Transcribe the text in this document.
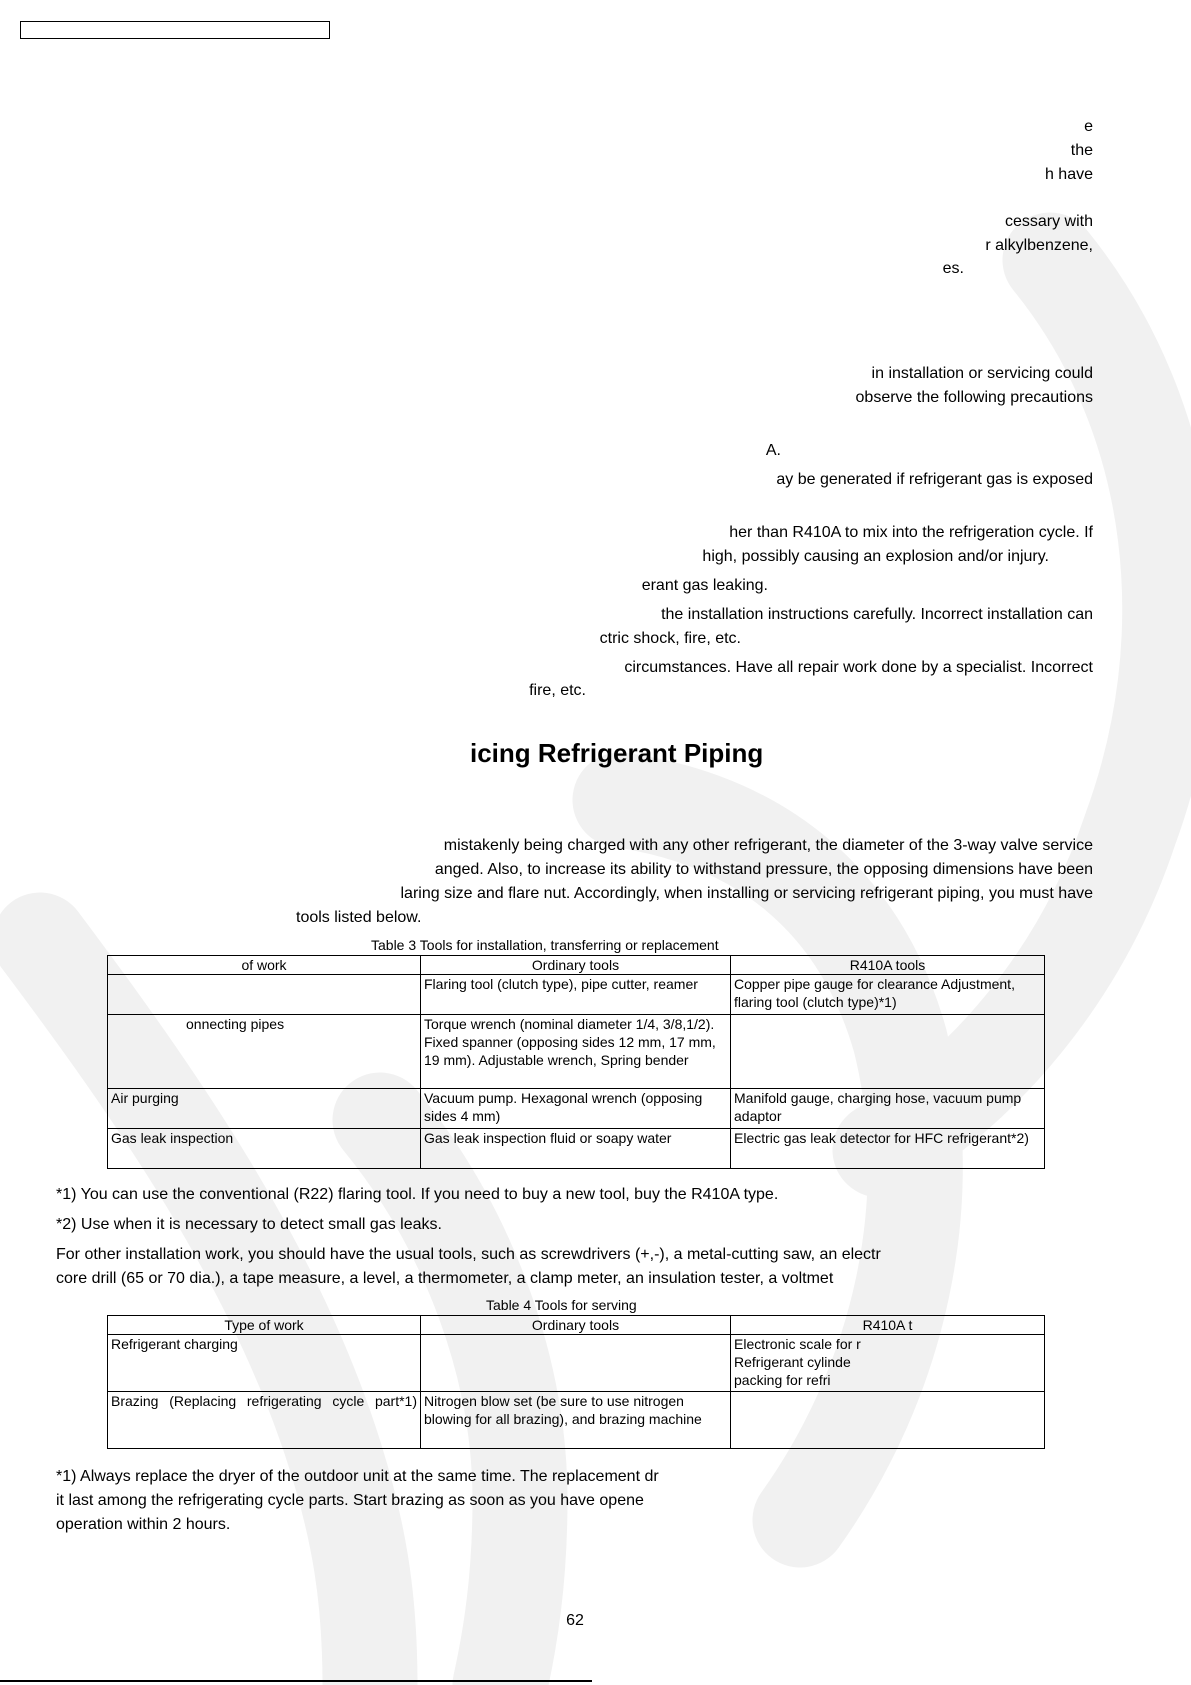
e
the
h have
cessary with
r alkylbenzene,
es.
in installation or servicing could
observe the following precautions
A.
ay be generated if refrigerant gas is exposed
her than R410A to mix into the refrigeration cycle. If
high, possibly causing an explosion and/or injury.
erant gas leaking.
the installation instructions carefully. Incorrect installation can
ctric shock, fire, etc.
circumstances. Have all repair work done by a specialist. Incorrect
fire, etc.
icing Refrigerant Piping
mistakenly being charged with any other refrigerant, the diameter of the 3-way valve service
anged. Also, to increase its ability to withstand pressure, the opposing dimensions have been
laring size and flare nut. Accordingly, when installing or servicing refrigerant piping, you must have
tools listed below.
Table 3 Tools for installation, transferring or replacement
of work	Ordinary tools	R410A tools
	Flaring tool (clutch type), pipe cutter, reamer	Copper pipe gauge for clearance Adjustment, flaring tool (clutch type)*1)
onnecting pipes	Torque wrench (nominal diameter 1/4, 3/8,1/2). Fixed spanner (opposing sides 12 mm, 17 mm, 19 mm). Adjustable wrench, Spring bender	
Air purging	Vacuum pump. Hexagonal wrench (opposing sides 4 mm)	Manifold gauge, charging hose, vacuum pump adaptor
Gas leak inspection	Gas leak inspection fluid or soapy water	Electric gas leak detector for HFC refrigerant*2)
*1) You can use the conventional (R22) flaring tool. If you need to buy a new tool, buy the R410A type.
*2) Use when it is necessary to detect small gas leaks.
For other installation work, you should have the usual tools, such as screwdrivers (+,-), a metal-cutting saw, an electr
core drill (65 or 70 dia.), a tape measure, a level, a thermometer, a clamp meter, an insulation tester, a voltmet
Table 4 Tools for serving
Type of work	Ordinary tools	R410A t
Refrigerant charging		Electronic scale for r
Refrigerant cylinde
packing for refri
Brazing (Replacing refrigerating cycle part*1)	Nitrogen blow set (be sure to use nitrogen blowing for all brazing), and brazing machine	
*1) Always replace the dryer of the outdoor unit at the same time. The replacement dr
it last among the refrigerating cycle parts. Start brazing as soon as you have opene
operation within 2 hours.
62
